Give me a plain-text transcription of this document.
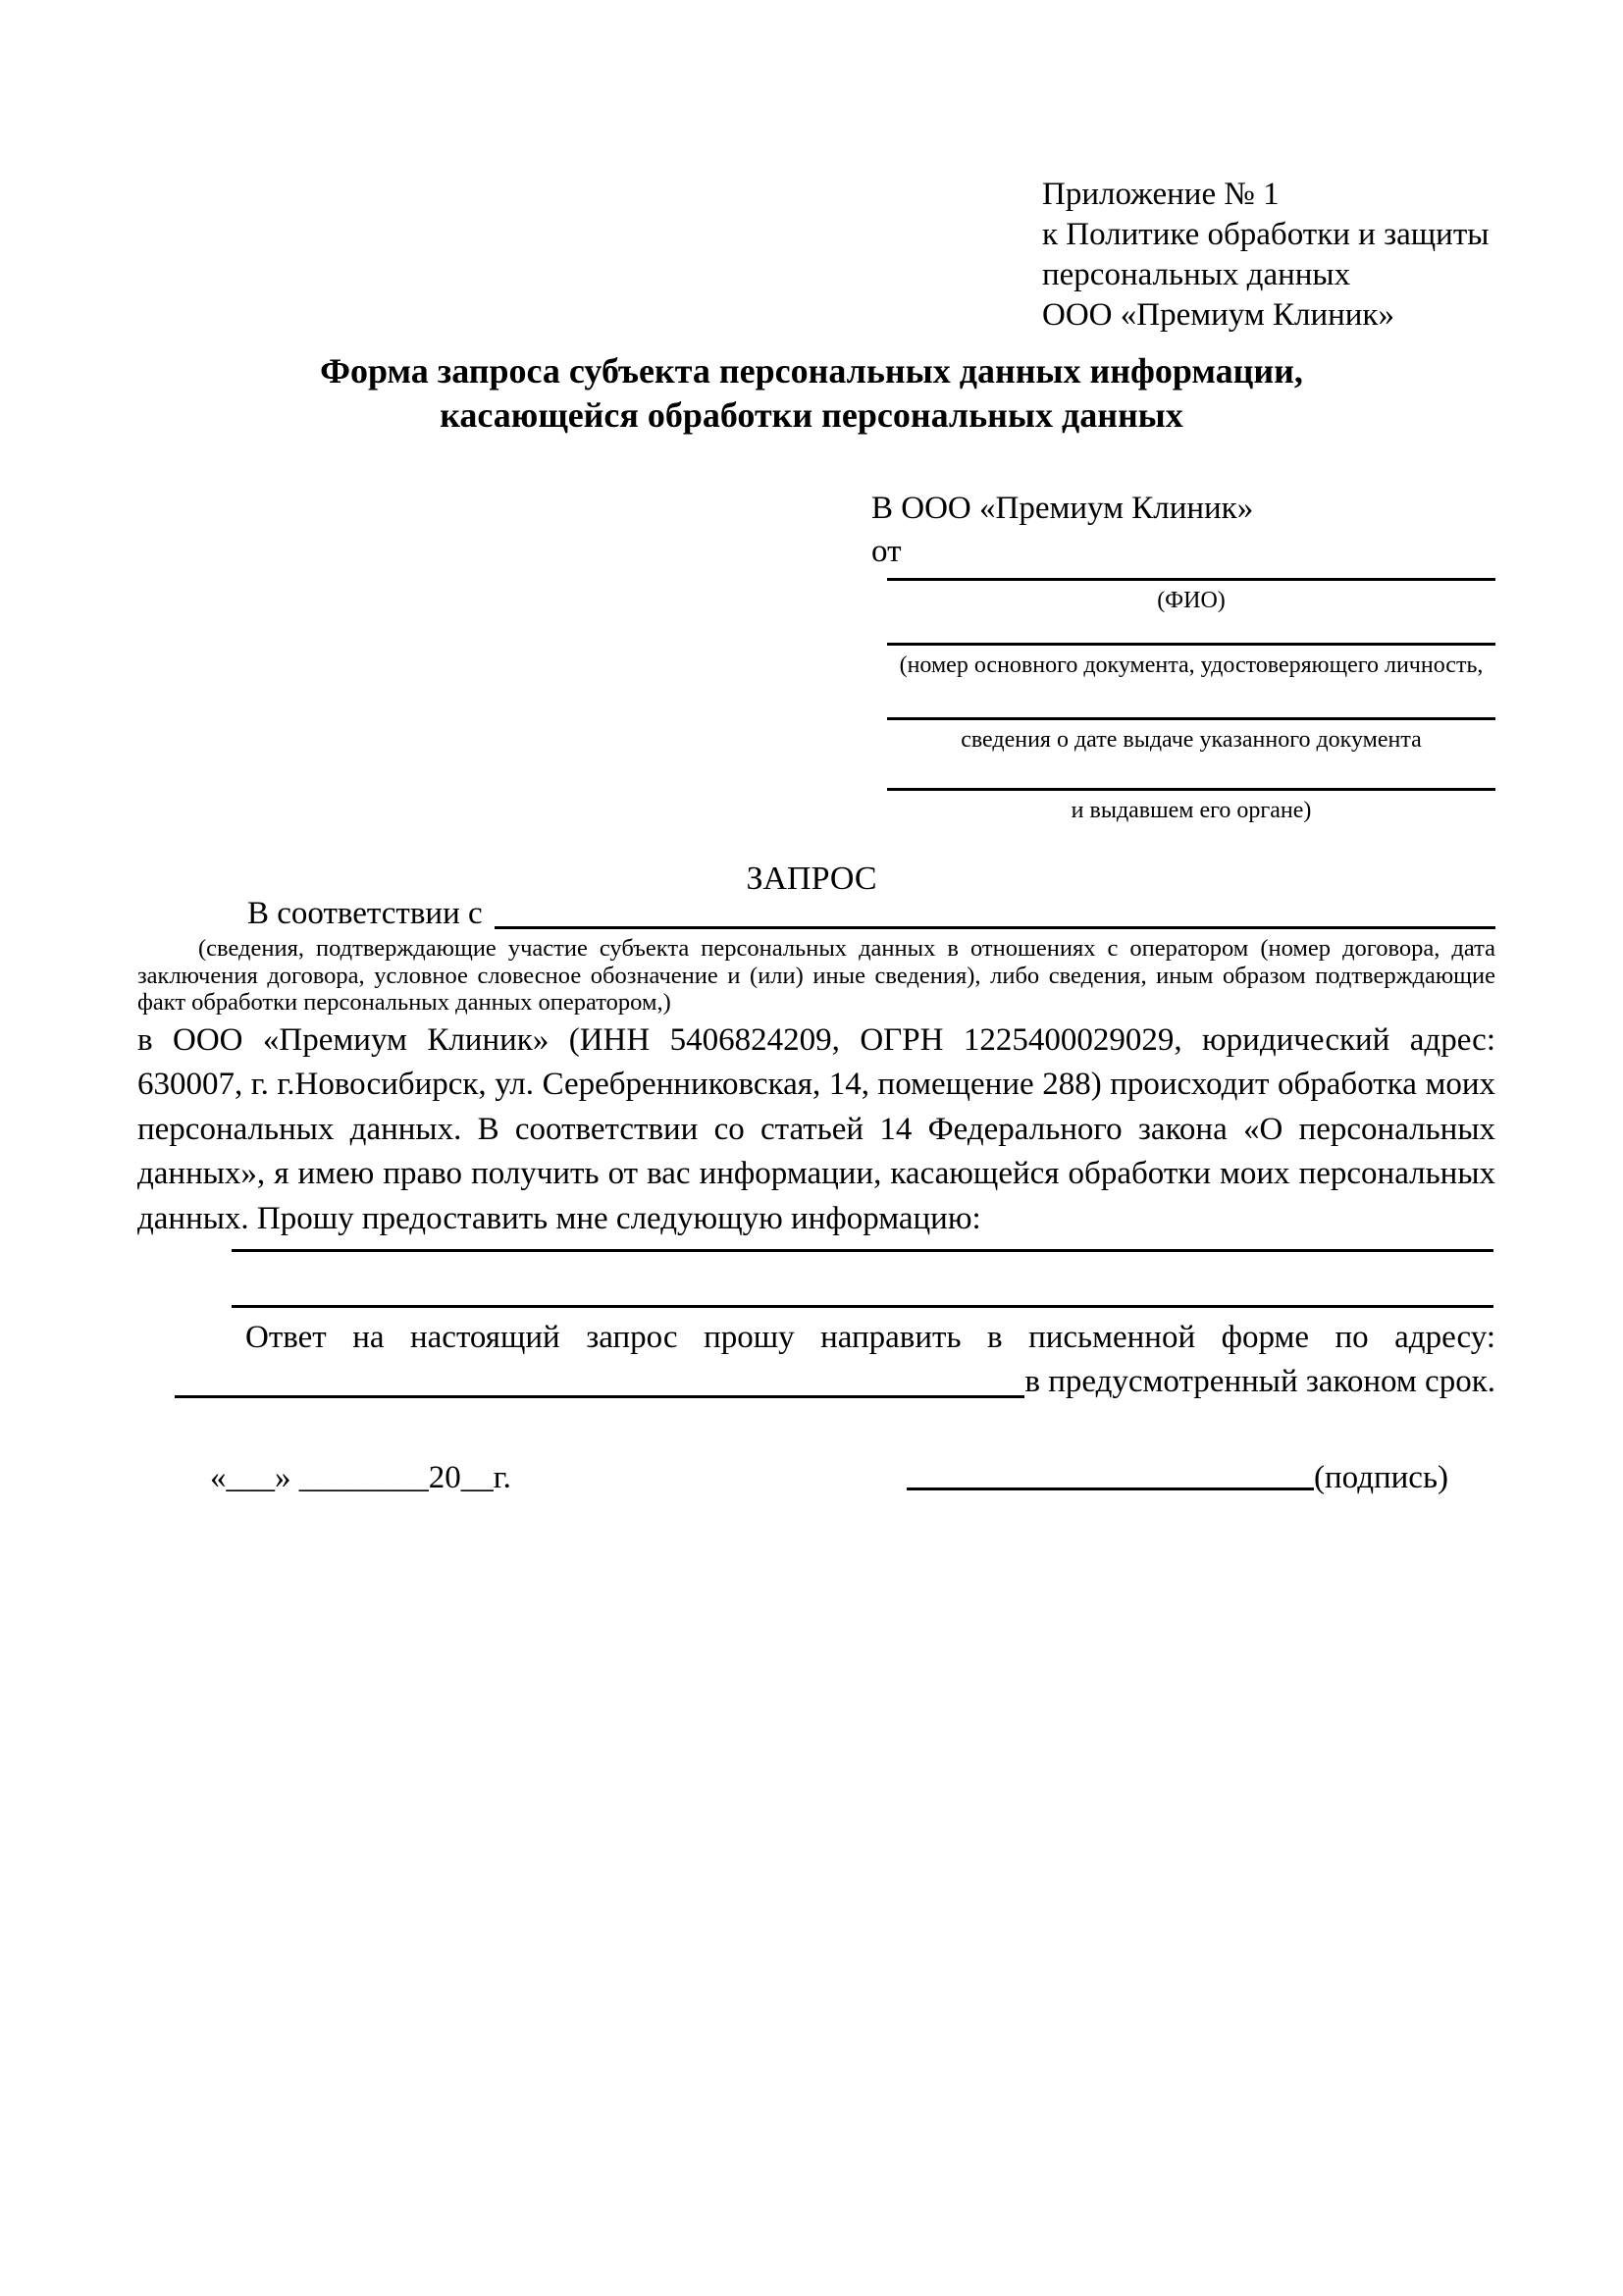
Приложение № 1
к Политике обработки и защиты
персональных данных
ООО «Премиум Клиник»
Форма запроса субъекта персональных данных информации, касающейся обработки персональных данных
В ООО «Премиум Клиник»
от
(ФИО)
(номер основного документа, удостоверяющего личность,
сведения о дате выдаче указанного документа
и выдавшем его органе)
ЗАПРОС
В соответствии с
(сведения, подтверждающие участие субъекта персональных данных в отношениях с оператором (номер договора, дата заключения договора, условное словесное обозначение и (или) иные сведения), либо сведения, иным образом подтверждающие факт обработки персональных данных оператором,)
в ООО «Премиум Клиник» (ИНН 5406824209, ОГРН 1225400029029, юридический адрес: 630007, г. г.Новосибирск, ул. Серебренниковская, 14, помещение 288) происходит обработка моих персональных данных. В соответствии со статьей 14 Федерального закона «О персональных данных», я имею право получить от вас информации, касающейся обработки моих персональных данных. Прошу предоставить мне следующую информацию:
Ответ на настоящий запрос прошу направить в письменной форме по адресу:
в предусмотренный законом срок.
«___» ________20__г.	(подпись)
